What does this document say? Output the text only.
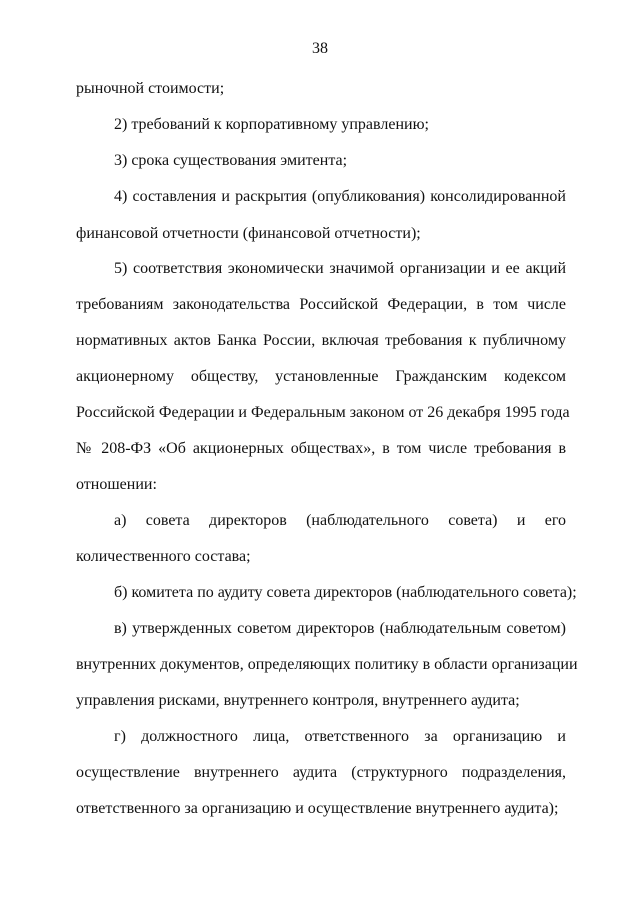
38
рыночной стоимости;
2) требований к корпоративному управлению;
3) срока существования эмитента;
4) составления и раскрытия (опубликования) консолидированной
финансовой отчетности (финансовой отчетности);
5) соответствия экономически значимой организации и ее акций
требованиям законодательства Российской Федерации, в том числе
нормативных актов Банка России, включая требования к публичному
акционерному обществу, установленные Гражданским кодексом
Российской Федерации и Федеральным законом от 26 декабря 1995 года
№ 208-ФЗ «Об акционерных обществах», в том числе требования в
отношении:
а) совета директоров (наблюдательного совета) и его
количественного состава;
б) комитета по аудиту совета директоров (наблюдательного совета);
в) утвержденных советом директоров (наблюдательным советом)
внутренних документов, определяющих политику в области организации
управления рисками, внутреннего контроля, внутреннего аудита;
г) должностного лица, ответственного за организацию и
осуществление внутреннего аудита (структурного подразделения,
ответственного за организацию и осуществление внутреннего аудита);
